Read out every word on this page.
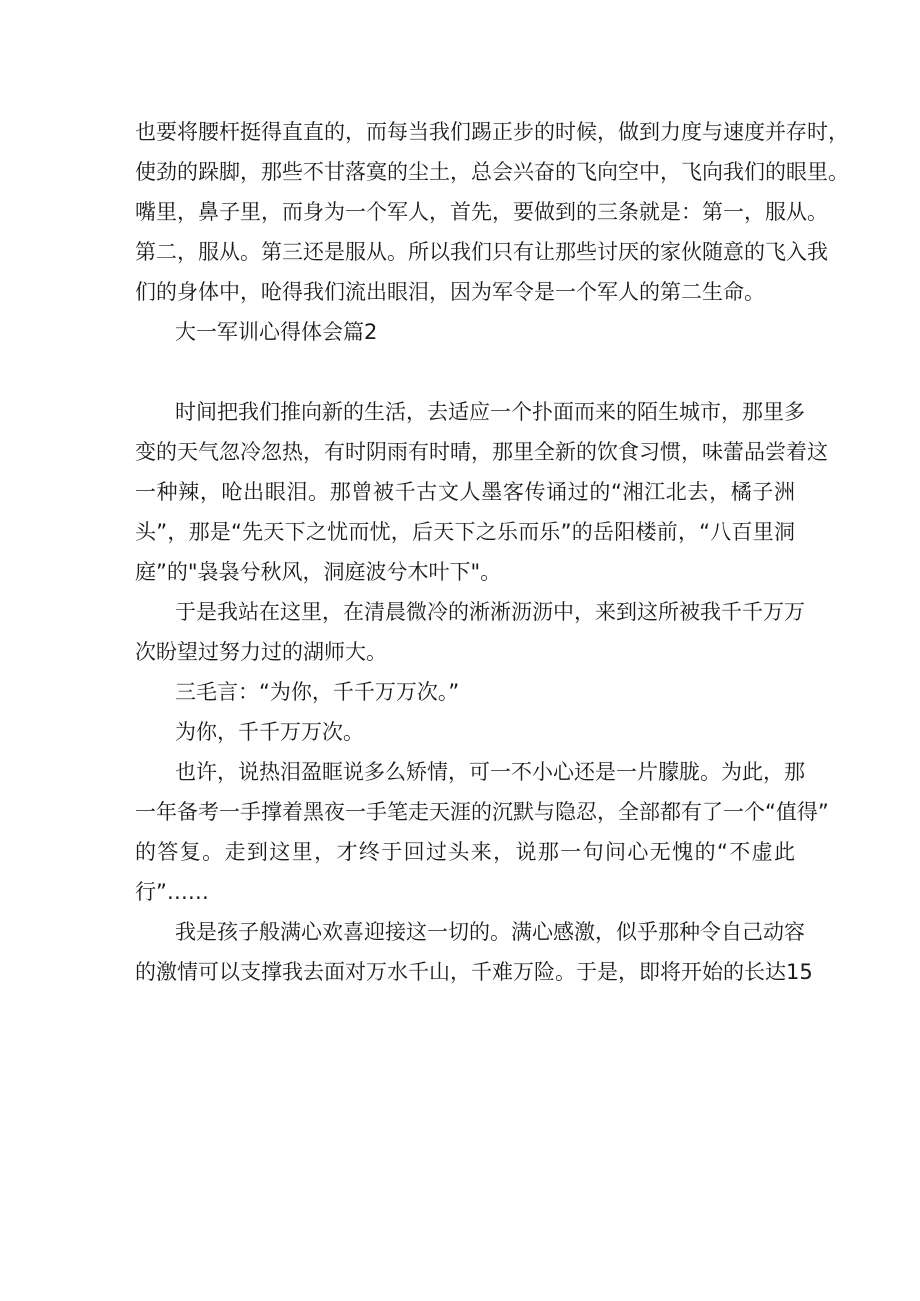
也要将腰杆挺得直直的，而每当我们踢正步的时候，做到力度与速度并存时，
使劲的跺脚，那些不甘落寞的尘土，总会兴奋的飞向空中，飞向我们的眼里。
嘴里，鼻子里，而身为一个军人，首先，要做到的三条就是：第一，服从。
第二，服从。第三还是服从。所以我们只有让那些讨厌的家伙随意的飞入我
们的身体中，呛得我们流出眼泪，因为军令是一个军人的第二生命。
大一军训心得体会篇2
时间把我们推向新的生活，去适应一个扑面而来的陌生城市，那里多
变的天气忽冷忽热，有时阴雨有时晴，那里全新的饮食习惯，味蕾品尝着这
一种辣，呛出眼泪。那曾被千古文人墨客传诵过的“湘江北去，橘子洲
头”，那是“先天下之忧而忧，后天下之乐而乐”的岳阳楼前，“八百里洞
庭”的"袅袅兮秋风，洞庭波兮木叶下"。
于是我站在这里，在清晨微冷的淅淅沥沥中，来到这所被我千千万万
次盼望过努力过的湖师大。
三毛言：“为你，千千万万次。”
为你，千千万万次。
也许，说热泪盈眶说多么矫情，可一不小心还是一片朦胧。为此，那
一年备考一手撑着黑夜一手笔走天涯的沉默与隐忍，全部都有了一个“值得”
的答复。走到这里，才终于回过头来，说那一句问心无愧的“不虚此
行”……
我是孩子般满心欢喜迎接这一切的。满心感激，似乎那种令自己动容
的激情可以支撑我去面对万水千山，千难万险。于是，即将开始的长达15
